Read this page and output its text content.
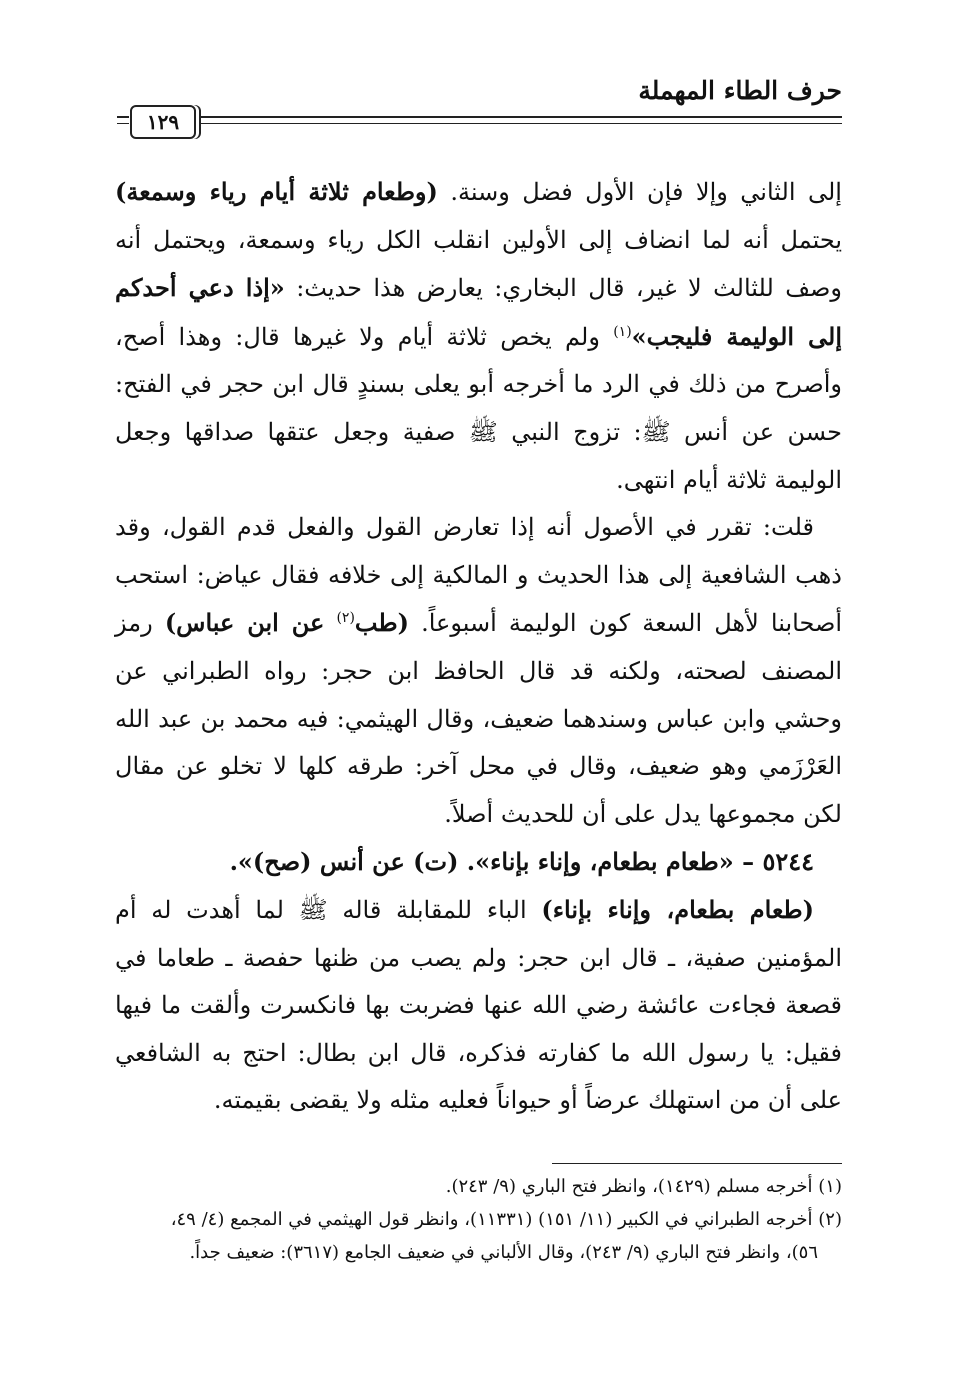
حرف الطاء المهملة
١٢٩

إلى الثاني وإلا فإن الأول فضل وسنة. (وطعام ثلاثة أيام رياء وسمعة) يحتمل أنه لما انضاف إلى الأولين انقلب الكل رياء وسمعة، ويحتمل أنه وصف للثالث لا غير، قال البخاري: يعارض هذا حديث: «إذا دعي أحدكم إلى الوليمة فليجب»$^{(١)}$ ولم يخص ثلاثة أيام ولا غيرها قال: وهذا أصح، وأصرح من ذلك في الرد ما أخرجه أبو يعلى بسندٍ قال ابن حجر في الفتح: حسن عن أنس ﷺ: تزوج النبي ﷺ صفية وجعل عتقها صداقها وجعل الوليمة ثلاثة أيام انتهى.

قلت: تقرر في الأصول أنه إذا تعارض القول والفعل قدم القول، وقد ذهب الشافعية إلى هذا الحديث و المالكية إلى خلافه فقال عياض: استحب أصحابنا لأهل السعة كون الوليمة أسبوعاً. (طب$^{(٢)}$ عن ابن عباس) رمز المصنف لصحته، ولكنه قد قال الحافظ ابن حجر: رواه الطبراني عن وحشي وابن عباس وسندهما ضعيف، وقال الهيثمي: فيه محمد بن عبد الله العَرْزَمي وهو ضعيف، وقال في محل آخر: طرقه كلها لا تخلو عن مقال لكن مجموعها يدل على أن للحديث أصلاً.

٥٢٤٤ – «طعام بطعام، وإناء بإناء». (ت) عن أنس (صح)».

(طعام بطعام، وإناء بإناء) الباء للمقابلة قاله ﷺ لما أهدت له أم المؤمنين صفية، ـ قال ابن حجر: ولم يصب من ظنها حفصة ـ طعاما في قصعة فجاءت عائشة رضي الله عنها فضربت بها فانكسرت وألقت ما فيها فقيل: يا رسول الله ما كفارته فذكره، قال ابن بطال: احتج به الشافعي على أن من استهلك عرضاً أو حيواناً فعليه مثله ولا يقضى بقيمته.

(١) أخرجه مسلم (١٤٢٩)، وانظر فتح الباري (٩/ ٢٤٣).

(٢) أخرجه الطبراني في الكبير (١١/ ١٥١) (١١٣٣١)، وانظر قول الهيثمي في المجمع (٤/ ٤٩،

٥٦)، وانظر فتح الباري (٩/ ٢٤٣)، وقال الألباني في ضعيف الجامع (٣٦١٧): ضعيف جداً.
